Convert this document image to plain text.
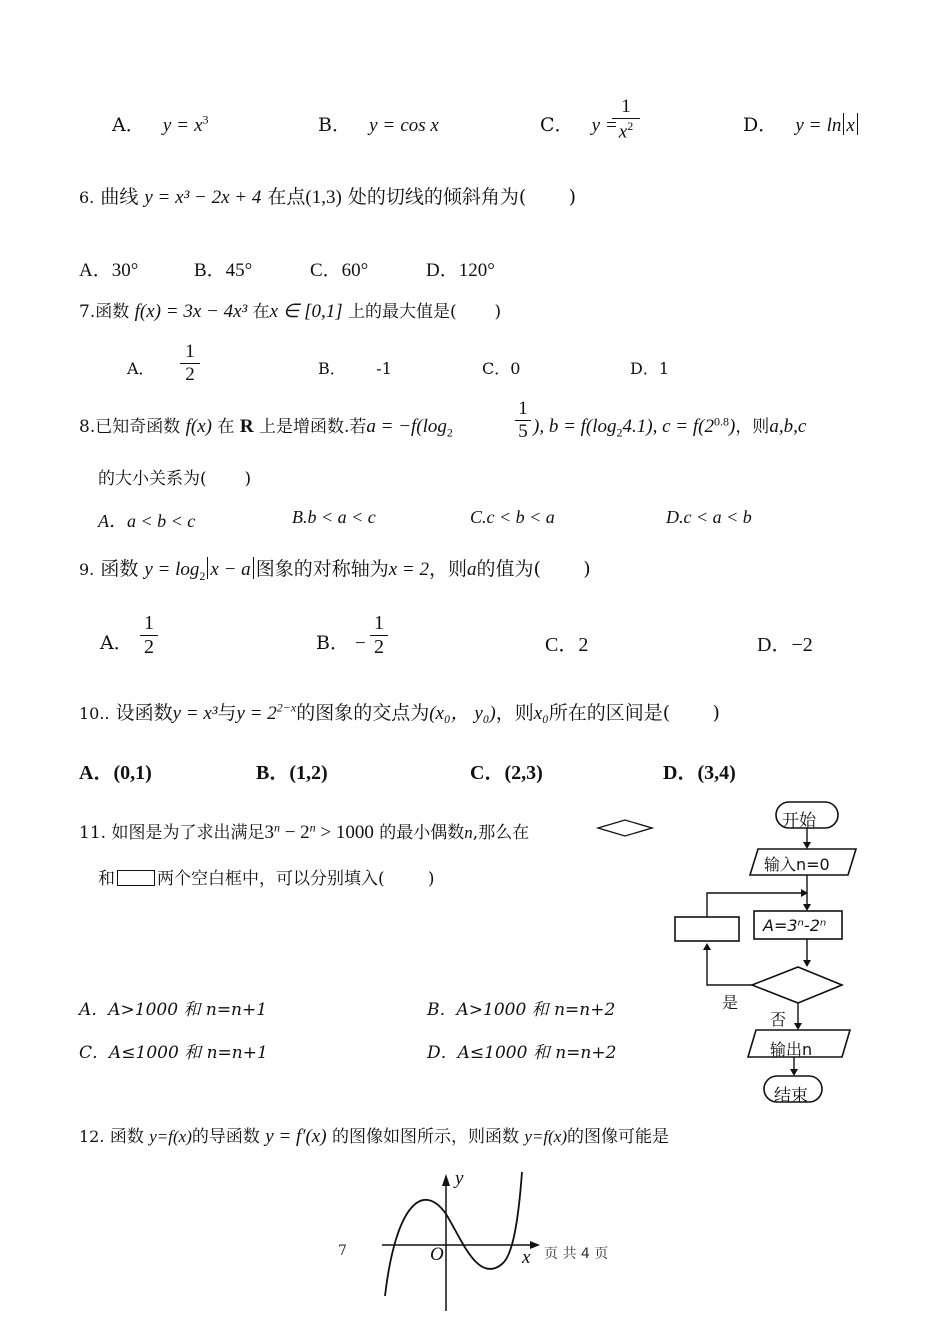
A． $y = x^3$	B． y = cos x	C． y =
1
$x^2$	D． y = ln x
6. 曲线 y = x³ − 2x + 4 在点(1,3) 处的切线的倾斜角为( )
A．30°	B．45°	C．60°	D．120°
7.函数 f(x) = 3x − 4x³ 在x ∈ [0,1] 上的最大值是( )
A．
1
2	B． -1	C．0	D．1
8.已知奇函数 f(x) 在 R 上是增函数.若$a = -f(\log_2$
1
5 ), $b = f(\log_24.1)$, $c = f(2^{0.8})$，则a,b,c
的大小关系为( )
A．a < b < c	B.b < a < c	C.c < b < a	D.c < a < b
9. 函数 $y = \log_2 x - a$ 图象的对称轴为x = 2，则a的值为( )
A．
1
2	B． −
1
2	C．2	D．−2
10.. 设函数y = x³与$y = 2^{2-x}$的图象的交点为(x₀， y₀)，则x₀所在的区间是( )
A．(0,1)	B．(1,2)	C．(2,3)	D．(3,4)
11. 如图是为了求出满足$3^n - 2^n > 1000$ 的最小偶数n,那么在
和 两个空白框中，可以分别填入(	)
A．A>1000 和 n=n+1	B．A>1000 和 n=n+2
C．A≤1000 和 n=n+1	D．A≤1000 和 n=n+2
开始
输入n=0
A=3ⁿ-2ⁿ
是
否
输出n
结束
12. 函数 y=f(x)的导函数 y = f′(x) 的图像如图所示，则函数 y=f(x)的图像可能是
y
x
O
7	页 共 4 页
